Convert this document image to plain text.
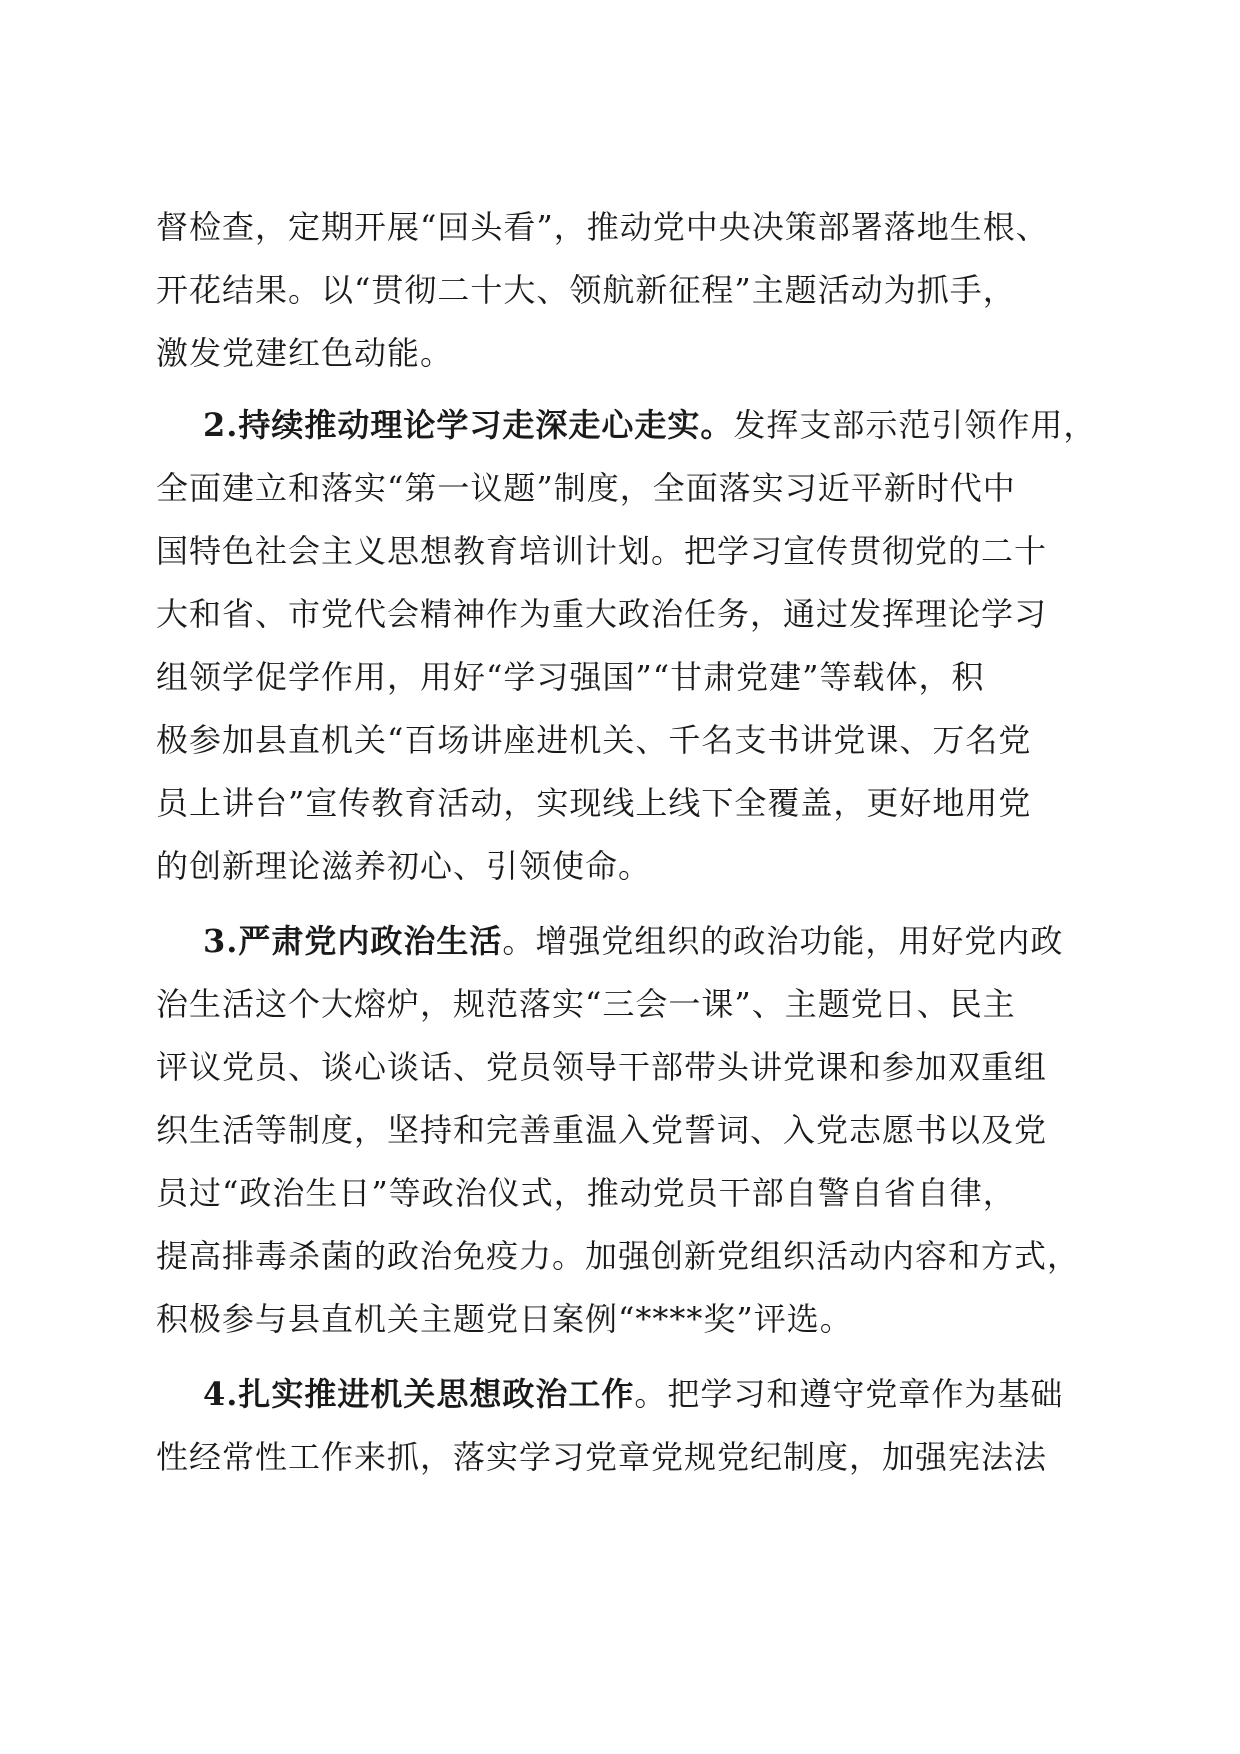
督检查，定期开展“回头看”，推动党中央决策部署落地生根、
开花结果。以“贯彻二十大、领航新征程”主题活动为抓手，
激发党建红色动能。

2.持续推动理论学习走深走心走实。发挥支部示范引领作用，
全面建立和落实“第一议题”制度，全面落实习近平新时代中
国特色社会主义思想教育培训计划。把学习宣传贯彻党的二十
大和省、市党代会精神作为重大政治任务，通过发挥理论学习
组领学促学作用，用好“学习强国”“甘肃党建”等载体，积
极参加县直机关“百场讲座进机关、千名支书讲党课、万名党
员上讲台”宣传教育活动，实现线上线下全覆盖，更好地用党
的创新理论滋养初心、引领使命。

3.严肃党内政治生活。增强党组织的政治功能，用好党内政
治生活这个大熔炉，规范落实“三会一课”、主题党日、民主
评议党员、谈心谈话、党员领导干部带头讲党课和参加双重组
织生活等制度，坚持和完善重温入党誓词、入党志愿书以及党
员过“政治生日”等政治仪式，推动党员干部自警自省自律，
提高排毒杀菌的政治免疫力。加强创新党组织活动内容和方式，
积极参与县直机关主题党日案例“****奖”评选。

4.扎实推进机关思想政治工作。把学习和遵守党章作为基础
性经常性工作来抓，落实学习党章党规党纪制度，加强宪法法
